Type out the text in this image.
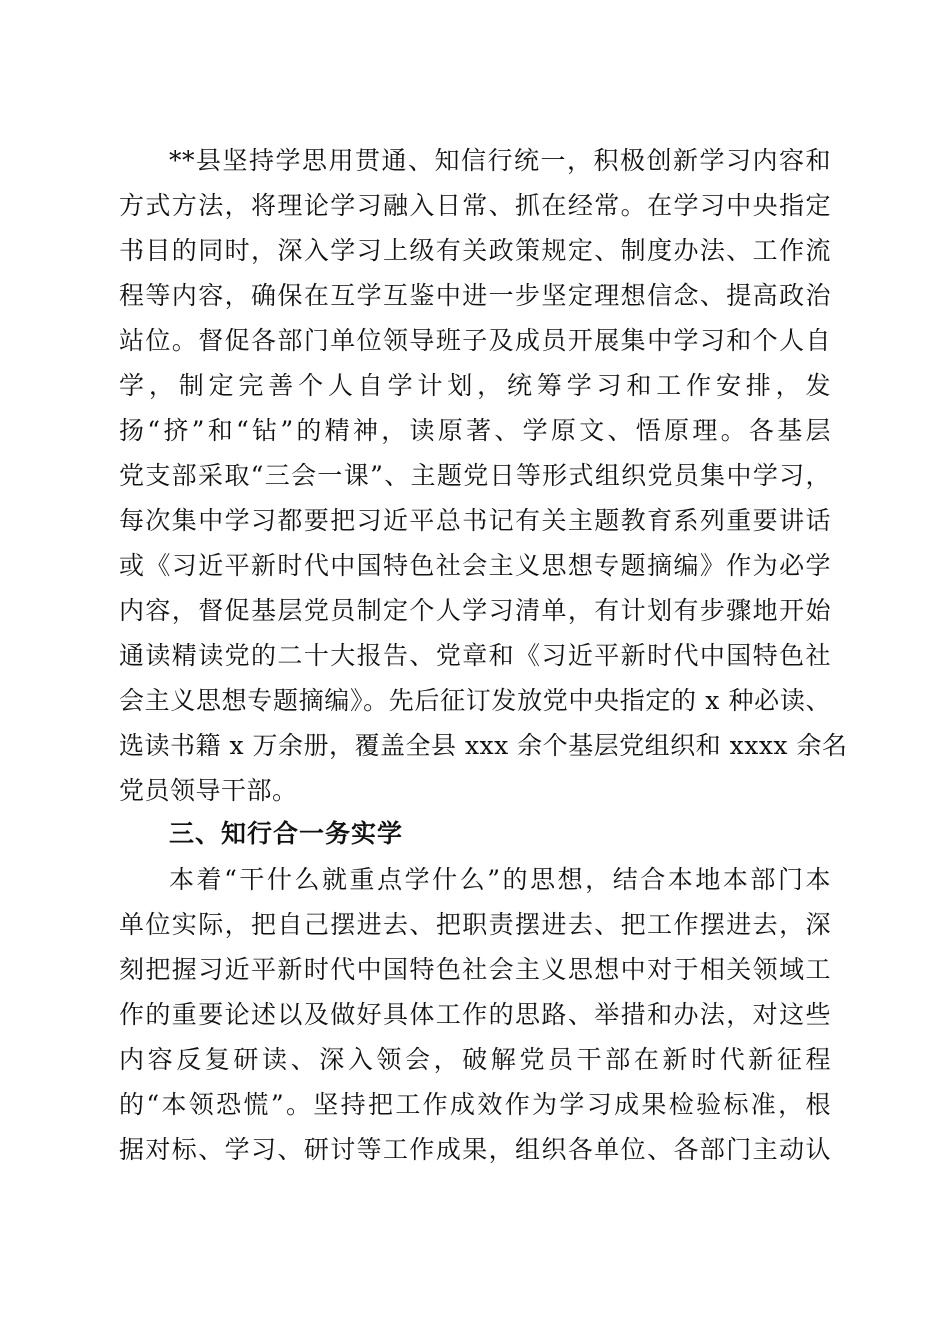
**县坚持学思用贯通、知信行统一，积极创新学习内容和
方式方法，将理论学习融入日常、抓在经常。在学习中央指定
书目的同时，深入学习上级有关政策规定、制度办法、工作流
程等内容，确保在互学互鉴中进一步坚定理想信念、提高政治
站位。督促各部门单位领导班子及成员开展集中学习和个人自
学，制定完善个人自学计划，统筹学习和工作安排，发
扬“挤”和“钻”的精神，读原著、学原文、悟原理。各基层
党支部采取“三会一课”、主题党日等形式组织党员集中学习，
每次集中学习都要把习近平总书记有关主题教育系列重要讲话
或《习近平新时代中国特色社会主义思想专题摘编》作为必学
内容，督促基层党员制定个人学习清单，有计划有步骤地开始
通读精读党的二十大报告、党章和《习近平新时代中国特色社
会主义思想专题摘编》。先后征订发放党中央指定的 x 种必读、
选读书籍 x 万余册，覆盖全县 xxx 余个基层党组织和 xxxx 余名
党员领导干部。
三、知行合一务实学
本着“干什么就重点学什么”的思想，结合本地本部门本
单位实际，把自己摆进去、把职责摆进去、把工作摆进去，深
刻把握习近平新时代中国特色社会主义思想中对于相关领域工
作的重要论述以及做好具体工作的思路、举措和办法，对这些
内容反复研读、深入领会，破解党员干部在新时代新征程
的“本领恐慌”。坚持把工作成效作为学习成果检验标准，根
据对标、学习、研讨等工作成果，组织各单位、各部门主动认
